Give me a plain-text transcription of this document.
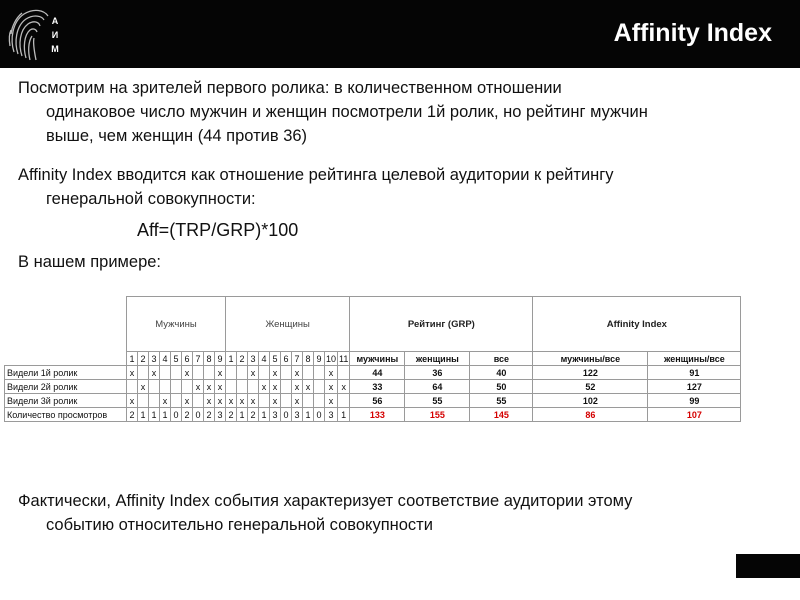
А
И
М
Affinity Index

Посмотрим на зрителей первого ролика: в количественном отношении
одинаковое число мужчин и женщин посмотрели 1й ролик, но рейтинг мужчин
выше, чем женщин (44 против 36)

Affinity Index вводится как отношение рейтинга целевой аудитории к рейтингу
генеральной совокупности:

Aff=(TRP/GRP)*100

В нашем примере:

	Мужчины									Женщины											Рейтинг (GRP)			Affinity Index	
	1	2	3	4	5	6	7	8	9	1	2	3	4	5	6	7	8	9	10	11	мужчины	женщины	все	мужчины/все	женщины/все
Видели 1й ролик	x		x			x			x			x		x		x			x		44	36	40	122	91
Видели 2й ролик		x					x	x	x				x	x		x	x		x	x	33	64	50	52	127
Видели 3й ролик	x			x		x		x	x	x	x	x		x		x			x		56	55	55	102	99
Количество просмотров	2	1	1	1	0	2	0	2	3	2	1	2	1	3	0	3	1	0	3	1	133	155	145	86	107

Фактически, Affinity Index события характеризует соответствие аудитории этому
событию относительно генеральной совокупности
